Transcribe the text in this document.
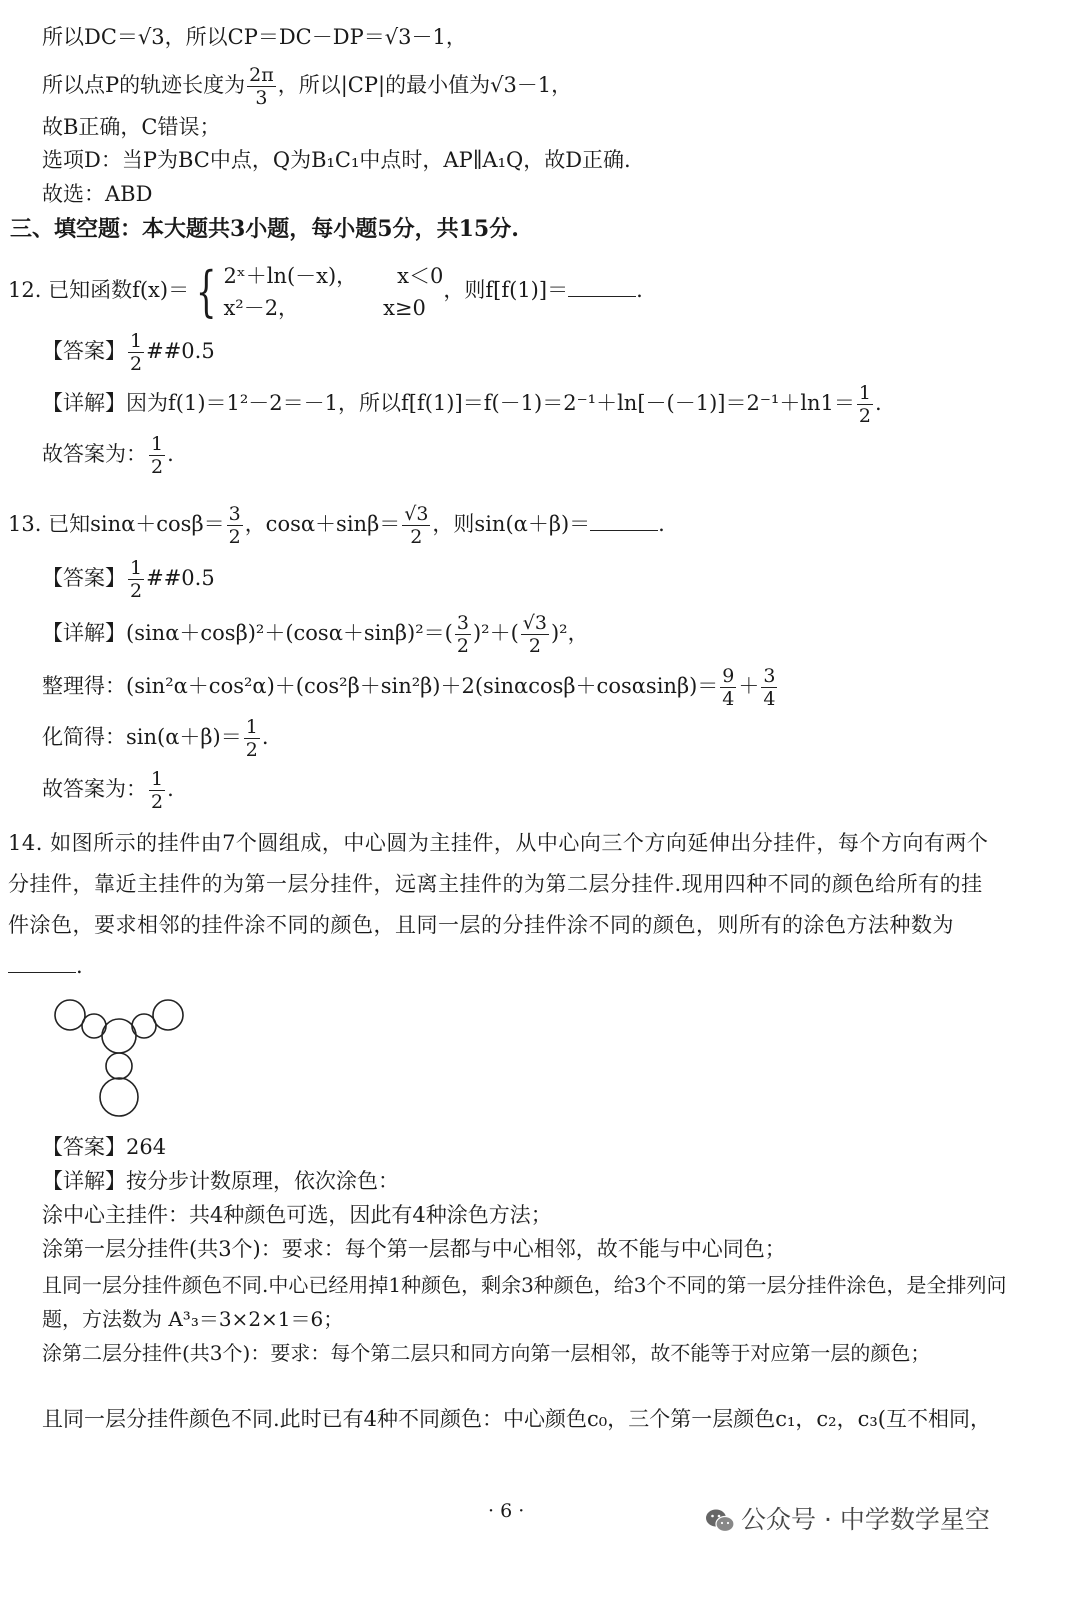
所以DC＝√3，所以CP＝DC－DP＝√3－1，
所以点P的轨迹长度为 $\frac{2\pi}{3}$ ，所以|CP|的最小值为√3－1，
故B正确，C错误；
选项D：当P为BC中点，Q为B₁C₁中点时，AP∥A₁Q，故D正确.
故选：ABD
三、填空题：本大题共3小题，每小题5分，共15分.
12. 已知函数f(x)＝ { 2ˣ＋ln(－x)， x＜0
x²－2，	x≥0
，则f[f(1)]＝	.
【答案】 $\frac{1}{2}$ ##0.5
【详解】因为f(1)＝1²－2＝－1，所以$f[f(1)]=f(-1)=2^{-1}+\ln[-(-1)]=2^{-1}+\ln 1= \frac{1}{2}$ .
故答案为： $\frac{1}{2}$ .
13. 已知$\sin\alpha+\cos\beta= \frac{3}{2}$ ，$\cos\alpha+\sin\beta= \frac{√3}{2}$ ，则sin(α＋β)＝	.
【答案】 $\frac{1}{2}$ ##0.5
【详解】$(\sin\alpha+\cos\beta)^2+(\cos\alpha+\sin\beta)^2=( \frac{3}{2} )^2+( \frac{√3}{2} )^2$，
整理得：$(\sin^2\alpha+\cos^2\alpha)+(\cos^2\beta+\sin^2\beta)+2(\sin\alpha\cos\beta+\cos\alpha\sin\beta)= \frac{9}{4} + \frac{3}{4}$
化简得：$\sin(\alpha+\beta)= \frac{1}{2}$ .
故答案为： $\frac{1}{2}$ .
14. 如图所示的挂件由7个圆组成，中心圆为主挂件，从中心向三个方向延伸出分挂件，每个方向有两个分挂件，靠近主挂件的为第一层分挂件，远离主挂件的为第二层分挂件.现用四种不同的颜色给所有的挂件涂色，要求相邻的挂件涂不同的颜色，且同一层的分挂件涂不同的颜色，则所有的涂色方法种数为.
【答案】264
【详解】按分步计数原理，依次涂色：
涂中心主挂件：共4种颜色可选，因此有4种涂色方法；
涂第一层分挂件(共3个)：要求：每个第一层都与中心相邻，故不能与中心同色；
且同一层分挂件颜色不同.中心已经用掉1种颜色，剩余3种颜色，给3个不同的第一层分挂件涂色，是全排列问题，方法数为 A³₃＝3×2×1＝6；
涂第二层分挂件(共3个)：要求：每个第二层只和同方向第一层相邻，故不能等于对应第一层的颜色；
且同一层分挂件颜色不同.此时已有4种不同颜色：中心颜色c₀，三个第一层颜色c₁，c₂，c₃(互不相同，
· 6 ·	公众号 · 中学数学星空
